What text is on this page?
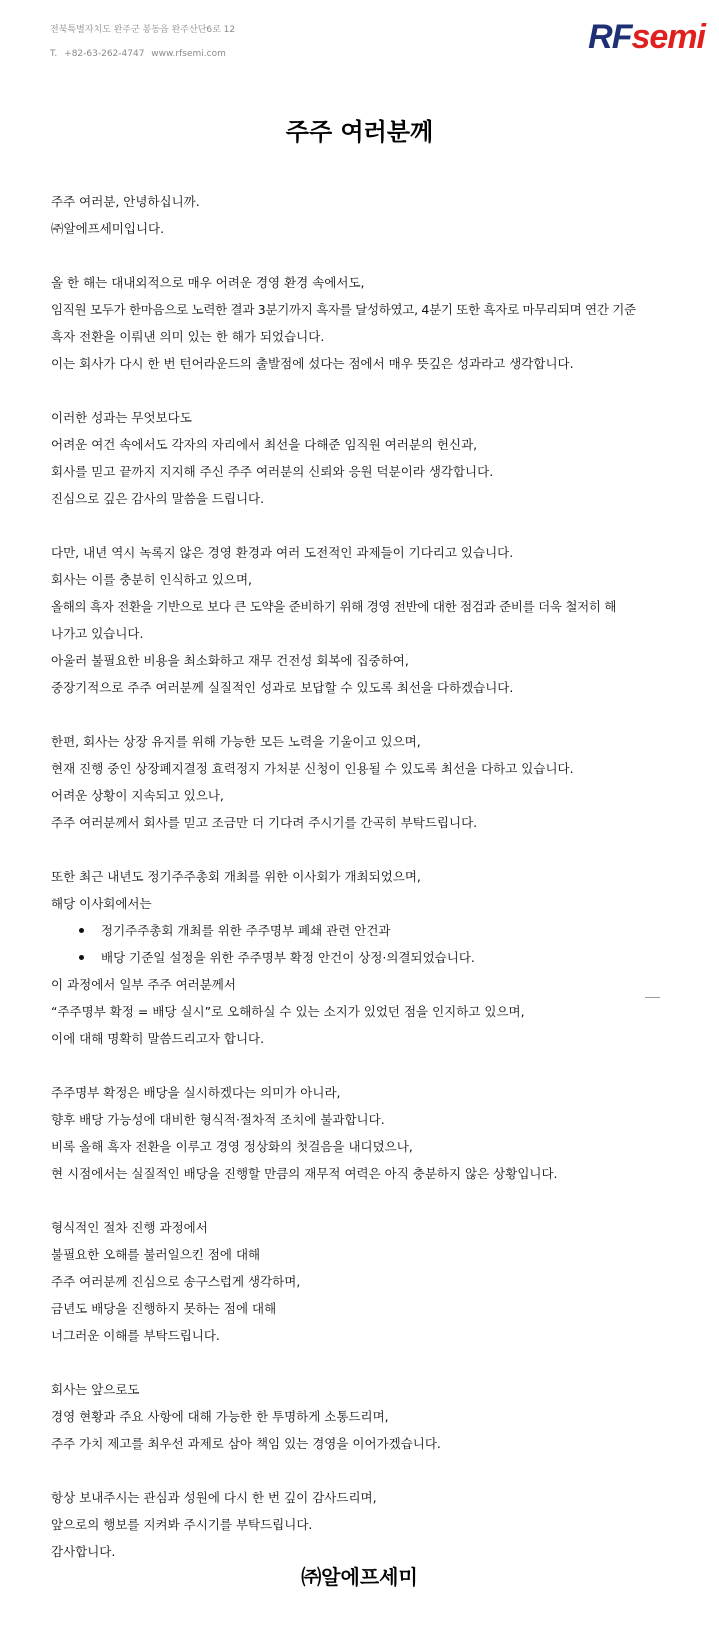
전북특별자치도 완주군 봉동읍 완주산단6로 12
T. +82-63-262-4747 www.rfsemi.com	RFsemi
주주 여러분께
주주 여러분, 안녕하십니까.
㈜알에프세미입니다.
올 한 해는 대내외적으로 매우 어려운 경영 환경 속에서도,
임직원 모두가 한마음으로 노력한 결과 3분기까지 흑자를 달성하였고, 4분기 또한 흑자로 마무리되며 연간 기준
흑자 전환을 이뤄낸 의미 있는 한 해가 되었습니다.
이는 회사가 다시 한 번 턴어라운드의 출발점에 섰다는 점에서 매우 뜻깊은 성과라고 생각합니다.
이러한 성과는 무엇보다도
어려운 여건 속에서도 각자의 자리에서 최선을 다해준 임직원 여러분의 헌신과,
회사를 믿고 끝까지 지지해 주신 주주 여러분의 신뢰와 응원 덕분이라 생각합니다.
진심으로 깊은 감사의 말씀을 드립니다.
다만, 내년 역시 녹록지 않은 경영 환경과 여러 도전적인 과제들이 기다리고 있습니다.
회사는 이를 충분히 인식하고 있으며,
올해의 흑자 전환을 기반으로 보다 큰 도약을 준비하기 위해 경영 전반에 대한 점검과 준비를 더욱 철저히 해
나가고 있습니다.
아울러 불필요한 비용을 최소화하고 재무 건전성 회복에 집중하여,
중장기적으로 주주 여러분께 실질적인 성과로 보답할 수 있도록 최선을 다하겠습니다.
한편, 회사는 상장 유지를 위해 가능한 모든 노력을 기울이고 있으며,
현재 진행 중인 상장폐지결정 효력정지 가처분 신청이 인용될 수 있도록 최선을 다하고 있습니다.
어려운 상황이 지속되고 있으나,
주주 여러분께서 회사를 믿고 조금만 더 기다려 주시기를 간곡히 부탁드립니다.
또한 최근 내년도 정기주주총회 개최를 위한 이사회가 개최되었으며,
해당 이사회에서는
정기주주총회 개최를 위한 주주명부 폐쇄 관련 안건과
배당 기준일 설정을 위한 주주명부 확정 안건이 상정·의결되었습니다.
이 과정에서 일부 주주 여러분께서
“주주명부 확정 = 배당 실시”로 오해하실 수 있는 소지가 있었던 점을 인지하고 있으며,
이에 대해 명확히 말씀드리고자 합니다.
주주명부 확정은 배당을 실시하겠다는 의미가 아니라,
향후 배당 가능성에 대비한 형식적·절차적 조치에 불과합니다.
비록 올해 흑자 전환을 이루고 경영 정상화의 첫걸음을 내디뎠으나,
현 시점에서는 실질적인 배당을 진행할 만큼의 재무적 여력은 아직 충분하지 않은 상황입니다.
형식적인 절차 진행 과정에서
불필요한 오해를 불러일으킨 점에 대해
주주 여러분께 진심으로 송구스럽게 생각하며,
금년도 배당을 진행하지 못하는 점에 대해
너그러운 이해를 부탁드립니다.
회사는 앞으로도
경영 현황과 주요 사항에 대해 가능한 한 투명하게 소통드리며,
주주 가치 제고를 최우선 과제로 삼아 책임 있는 경영을 이어가겠습니다.
항상 보내주시는 관심과 성원에 다시 한 번 깊이 감사드리며,
앞으로의 행보를 지켜봐 주시기를 부탁드립니다.
감사합니다.
㈜알에프세미
